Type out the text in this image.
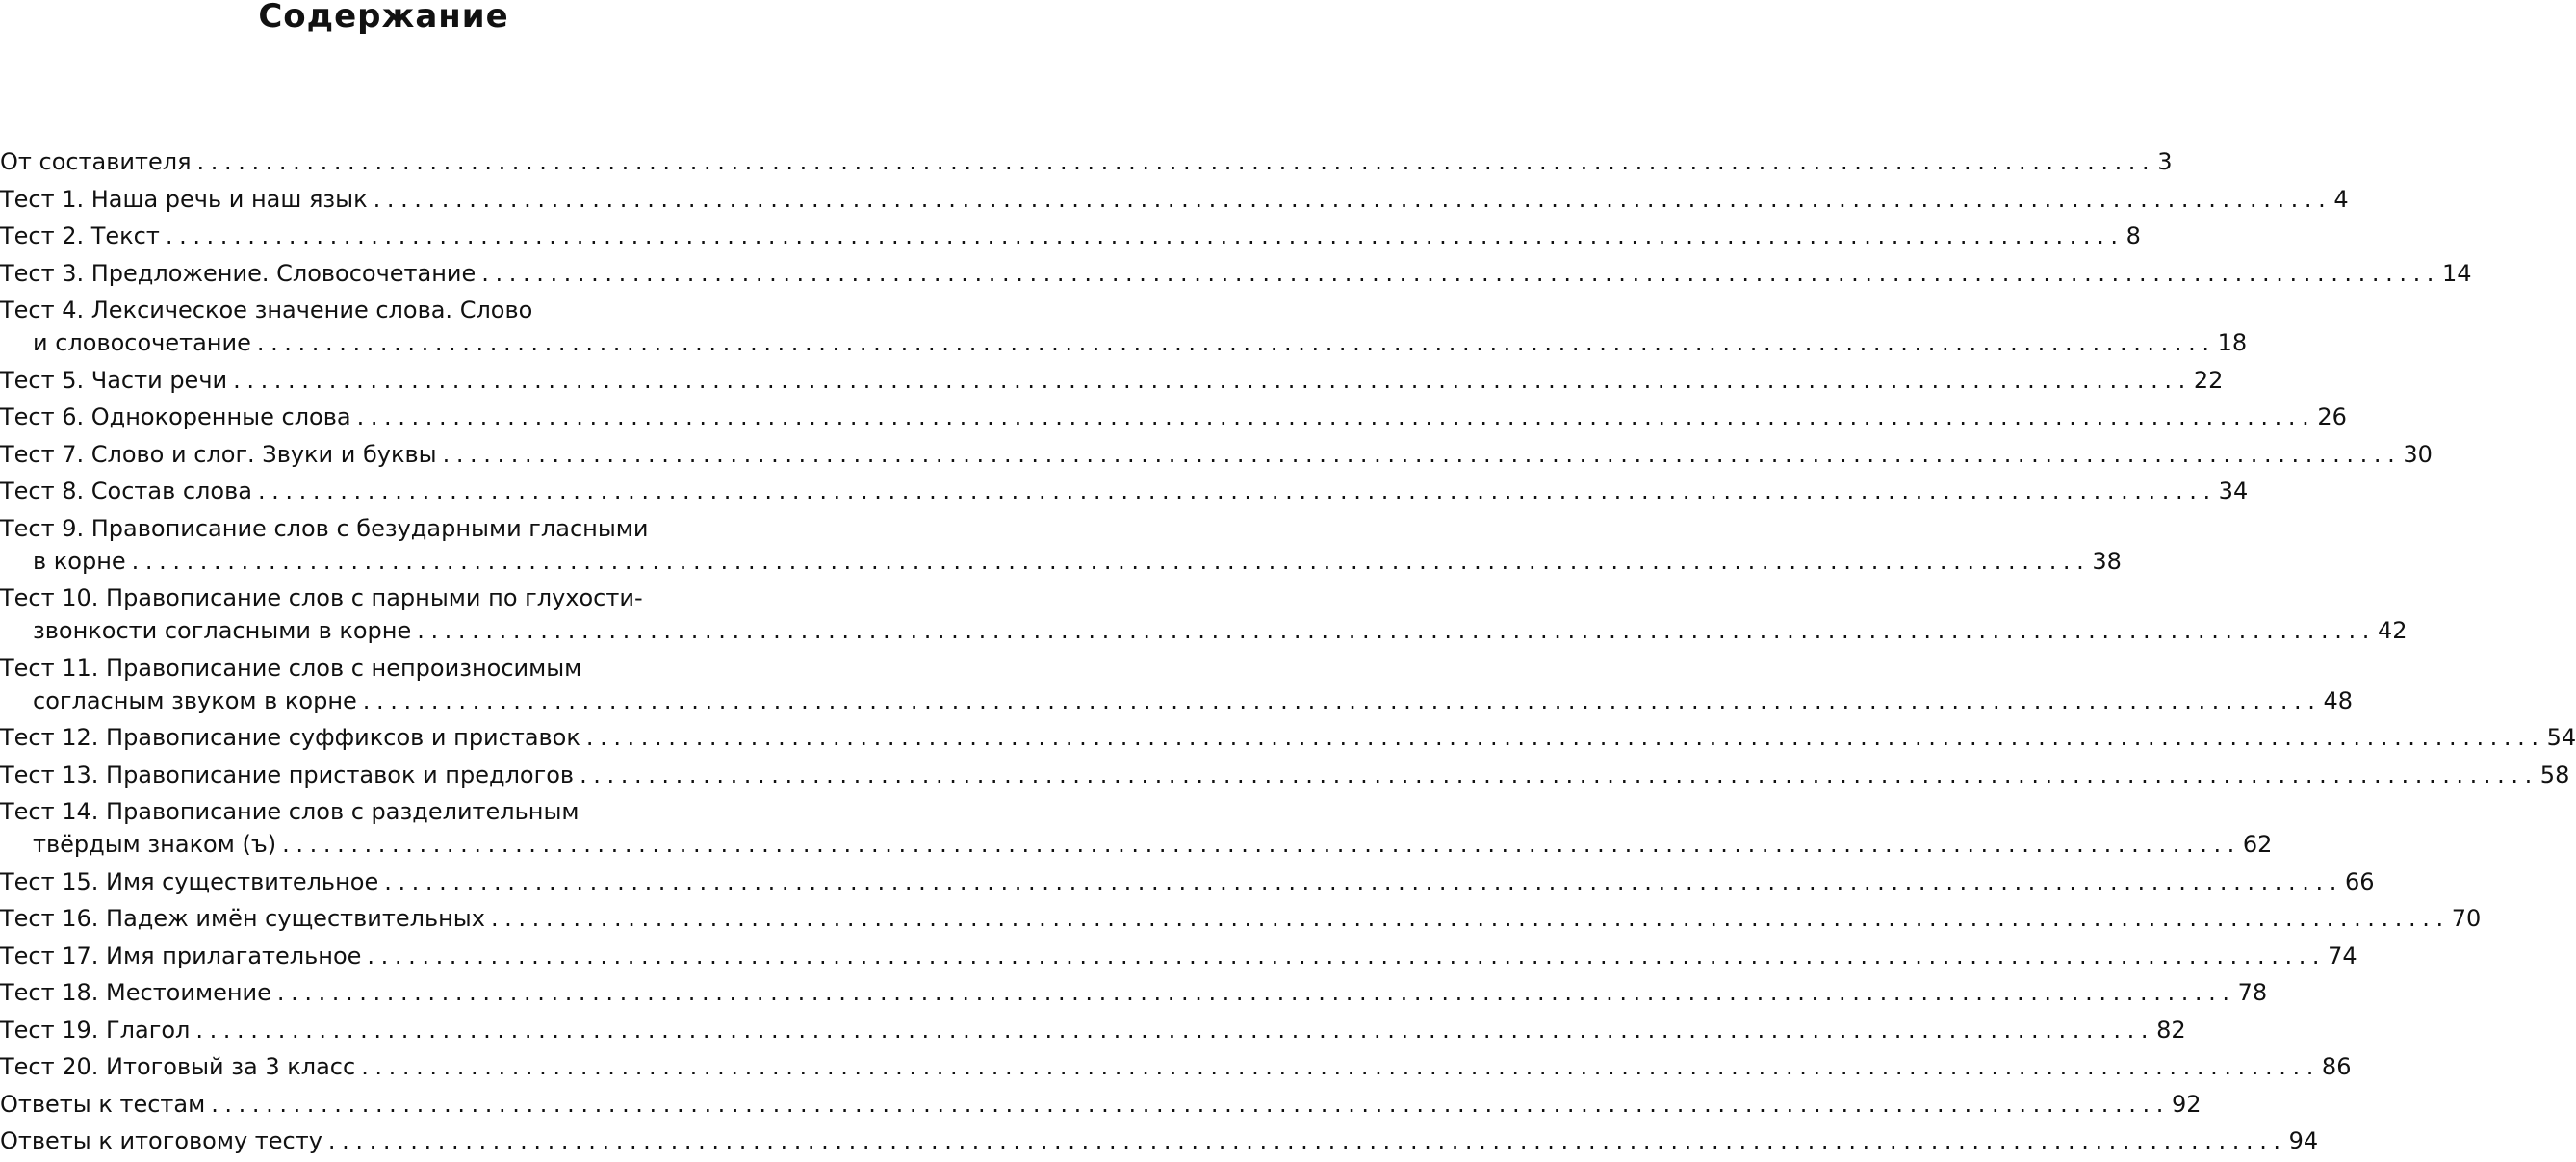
Содержание
От составителя ............................................................................................................................................... 3
Тест 1. Наша речь и наш язык ............................................................................................................................................... 4
Тест 2. Текст ............................................................................................................................................... 8
Тест 3. Предложение. Словосочетание ............................................................................................................................................... 14
Тест 4. Лексическое значение слова. Слово
и словосочетание ............................................................................................................................................... 18
Тест 5. Части речи ............................................................................................................................................... 22
Тест 6. Однокоренные слова ............................................................................................................................................... 26
Тест 7. Слово и слог. Звуки и буквы ............................................................................................................................................... 30
Тест 8. Состав слова ............................................................................................................................................... 34
Тест 9. Правописание слов с безударными гласными
в корне ............................................................................................................................................... 38
Тест 10. Правописание слов с парными по глухости-
звонкости согласными в корне ............................................................................................................................................... 42
Тест 11. Правописание слов с непроизносимым
согласным звуком в корне ............................................................................................................................................... 48
Тест 12. Правописание суффиксов и приставок ............................................................................................................................................... 54
Тест 13. Правописание приставок и предлогов ............................................................................................................................................... 58
Тест 14. Правописание слов с разделительным
твёрдым знаком (ъ) ............................................................................................................................................... 62
Тест 15. Имя существительное ............................................................................................................................................... 66
Тест 16. Падеж имён существительных ............................................................................................................................................... 70
Тест 17. Имя прилагательное ............................................................................................................................................... 74
Тест 18. Местоимение ............................................................................................................................................... 78
Тест 19. Глагол ............................................................................................................................................... 82
Тест 20. Итоговый за 3 класс ............................................................................................................................................... 86
Ответы к тестам ............................................................................................................................................... 92
Ответы к итоговому тесту ............................................................................................................................................... 94
